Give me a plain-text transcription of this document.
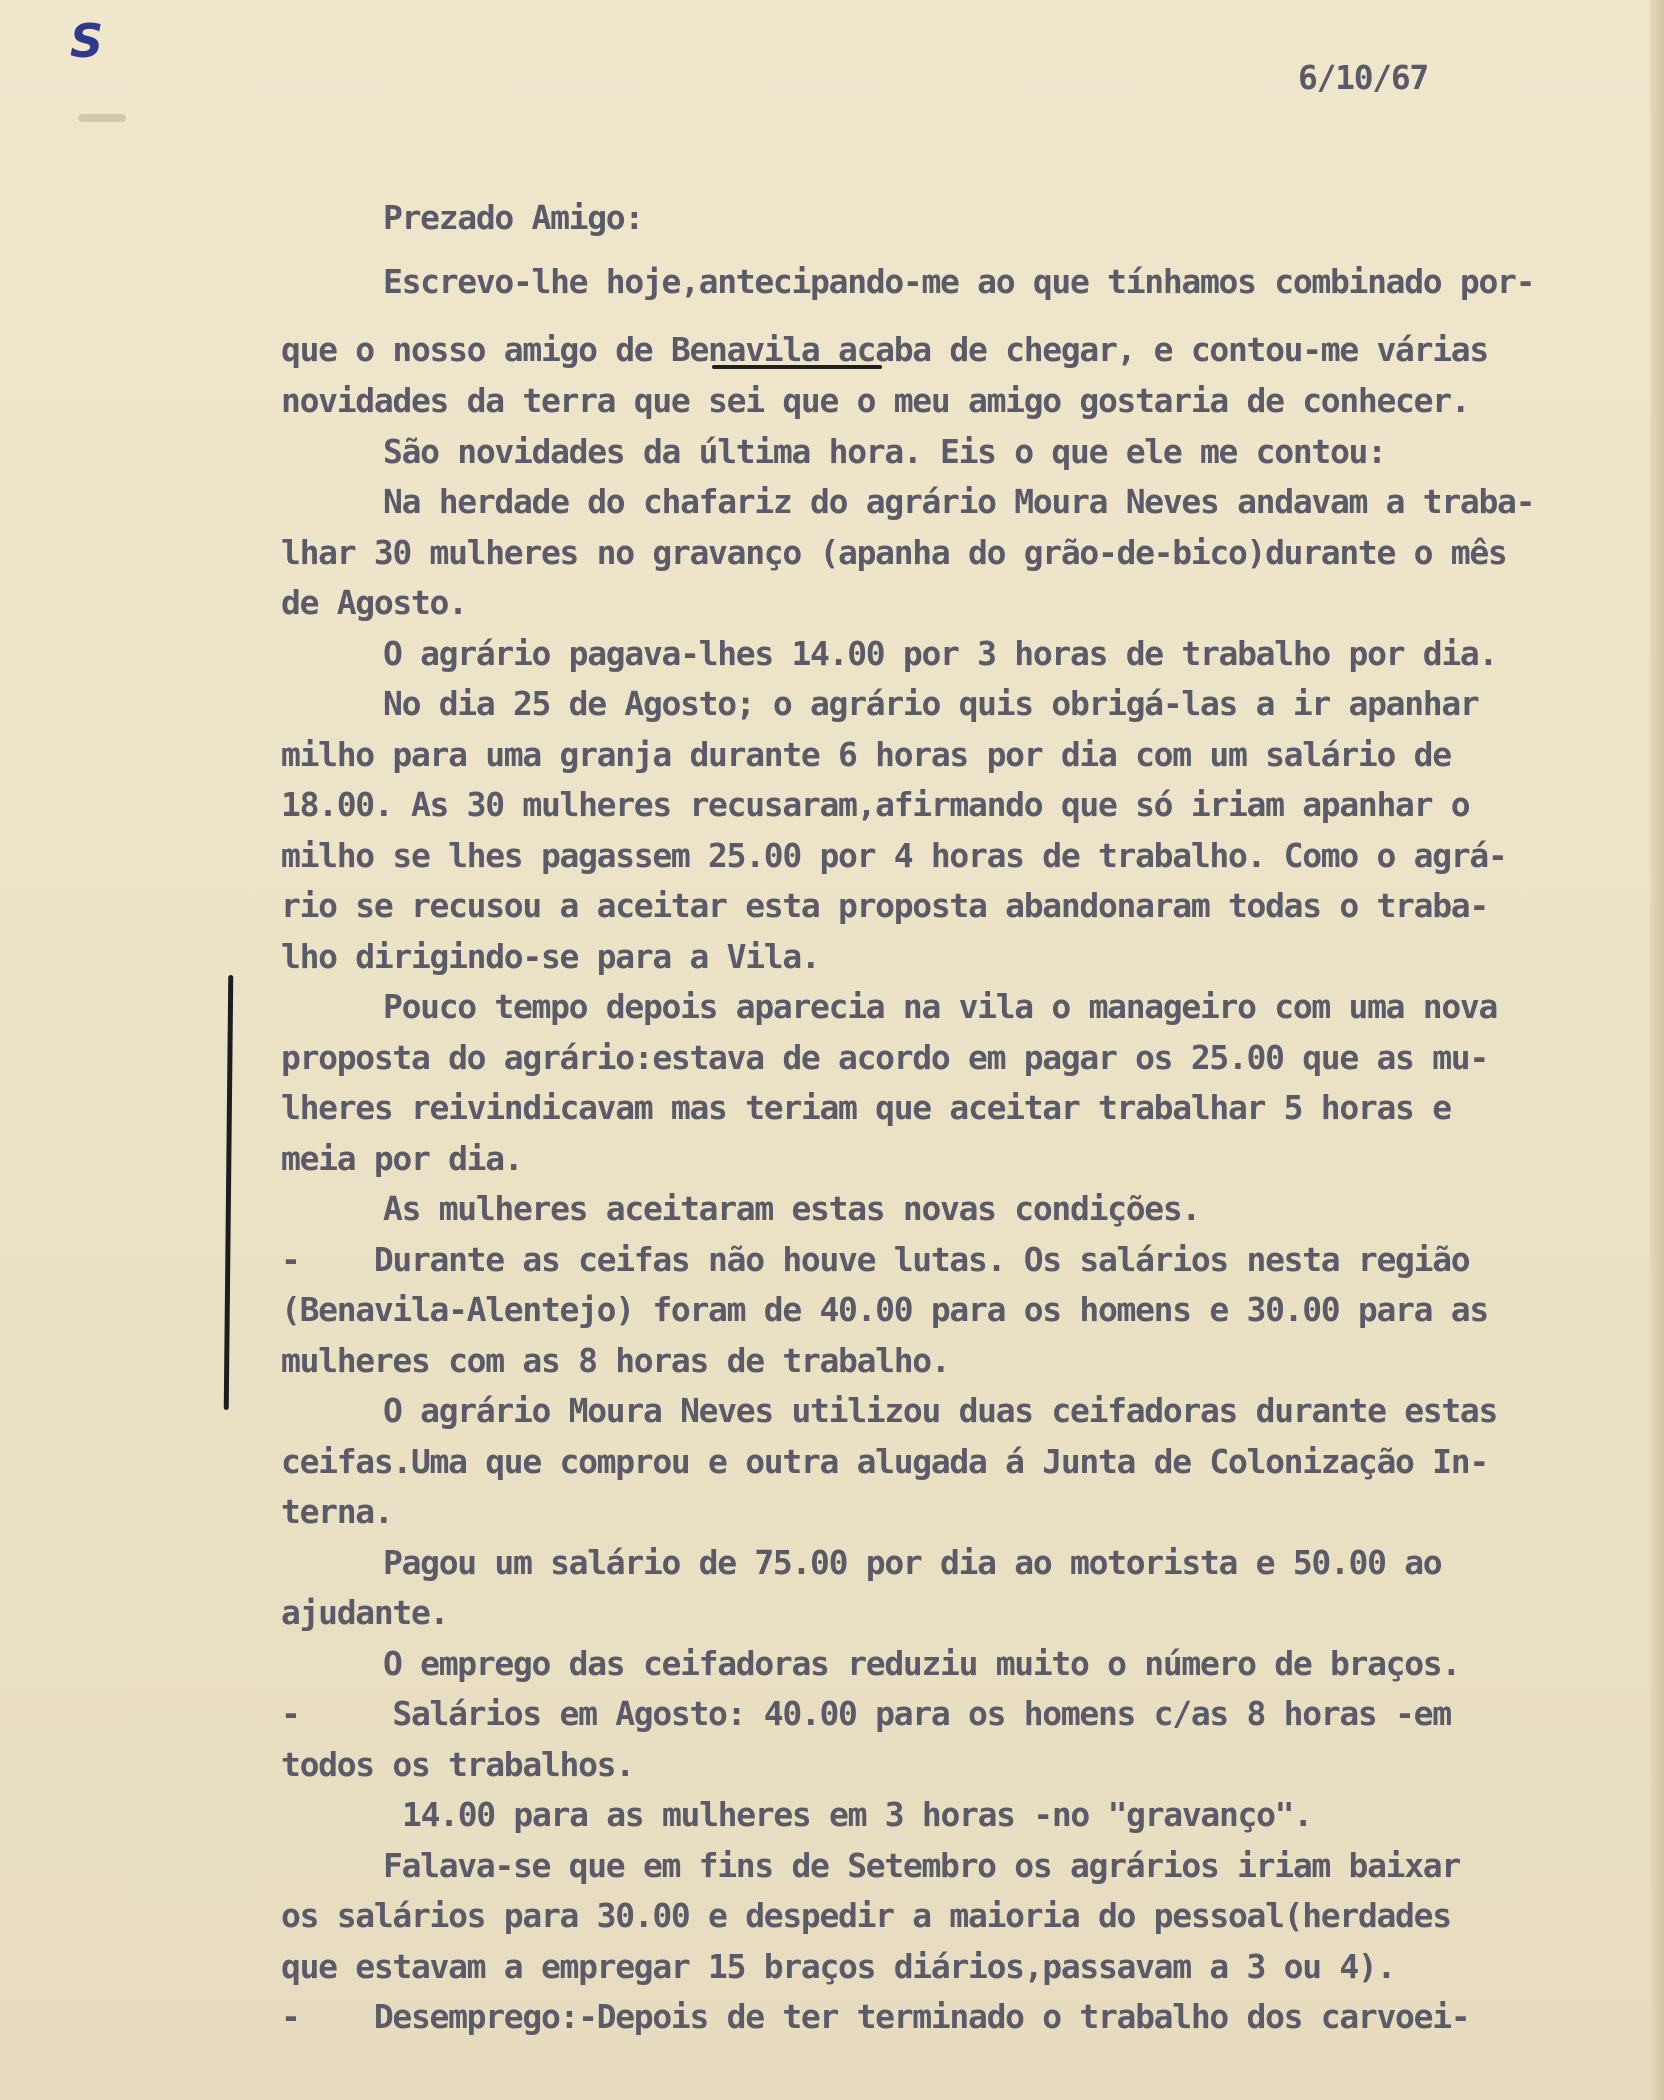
S
6/10/67
Prezado Amigo:
Escrevo-lhe hoje,antecipando-me ao que tínhamos combinado por-
que o nosso amigo de Benavila acaba de chegar, e contou-me várias
novidades da terra que sei que o meu amigo gostaria de conhecer.
São novidades da última hora. Eis o que ele me contou:
Na herdade do chafariz do agrário Moura Neves andavam a traba-
lhar 30 mulheres no gravanço (apanha do grão-de-bico)durante o mês
de Agosto.
O agrário pagava-lhes 14.00 por 3 horas de trabalho por dia.
No dia 25 de Agosto; o agrário quis obrigá-las a ir apanhar
milho para uma granja durante 6 horas por dia com um salário de
18.00. As 30 mulheres recusaram,afirmando que só iriam apanhar o
milho se lhes pagassem 25.00 por 4 horas de trabalho. Como o agrá-
rio se recusou a aceitar esta proposta abandonaram todas o traba-
lho dirigindo-se para a Vila.
Pouco tempo depois aparecia na vila o manageiro com uma nova
proposta do agrário:estava de acordo em pagar os 25.00 que as mu-
lheres reivindicavam mas teriam que aceitar trabalhar 5 horas e
meia por dia.
As mulheres aceitaram estas novas condições.
-    Durante as ceifas não houve lutas. Os salários nesta região
(Benavila-Alentejo) foram de 40.00 para os homens e 30.00 para as
mulheres com as 8 horas de trabalho.
O agrário Moura Neves utilizou duas ceifadoras durante estas
ceifas.Uma que comprou e outra alugada á Junta de Colonização In-
terna.
Pagou um salário de 75.00 por dia ao motorista e 50.00 ao
ajudante.
O emprego das ceifadoras reduziu muito o número de braços.
-     Salários em Agosto: 40.00 para os homens c/as 8 horas -em
todos os trabalhos.
14.00 para as mulheres em 3 horas -no "gravanço".
Falava-se que em fins de Setembro os agrários iriam baixar
os salários para 30.00 e despedir a maioria do pessoal(herdades
que estavam a empregar 15 braços diários,passavam a 3 ou 4).
-    Desemprego:-Depois de ter terminado o trabalho dos carvoei-
